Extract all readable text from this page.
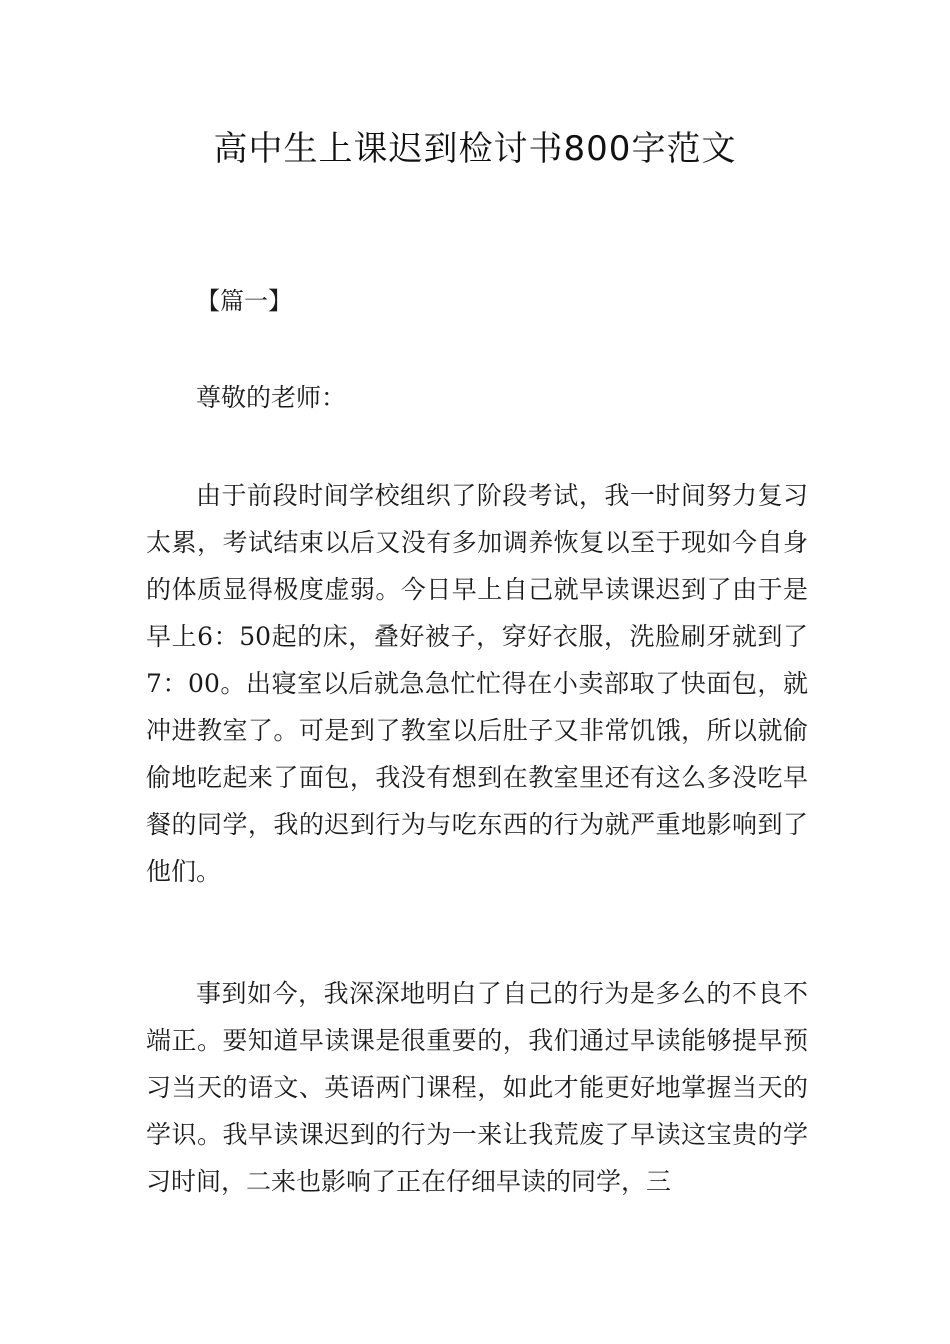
高中生上课迟到检讨书800字范文

【篇一】

尊敬的老师：

由于前段时间学校组织了阶段考试，我一时间努力复习太累，考试结束以后又没有多加调养恢复以至于现如今自身的体质显得极度虚弱。今日早上自己就早读课迟到了由于是早上6：50起的床，叠好被子，穿好衣服，洗脸刷牙就到了7：00。出寝室以后就急急忙忙得在小卖部取了快面包，就冲进教室了。可是到了教室以后肚子又非常饥饿，所以就偷偷地吃起来了面包，我没有想到在教室里还有这么多没吃早餐的同学，我的迟到行为与吃东西的行为就严重地影响到了他们。

事到如今，我深深地明白了自己的行为是多么的不良不端正。要知道早读课是很重要的，我们通过早读能够提早预习当天的语文、英语两门课程，如此才能更好地掌握当天的学识。我早读课迟到的行为一来让我荒废了早读这宝贵的学习时间，二来也影响了正在仔细早读的同学，三
